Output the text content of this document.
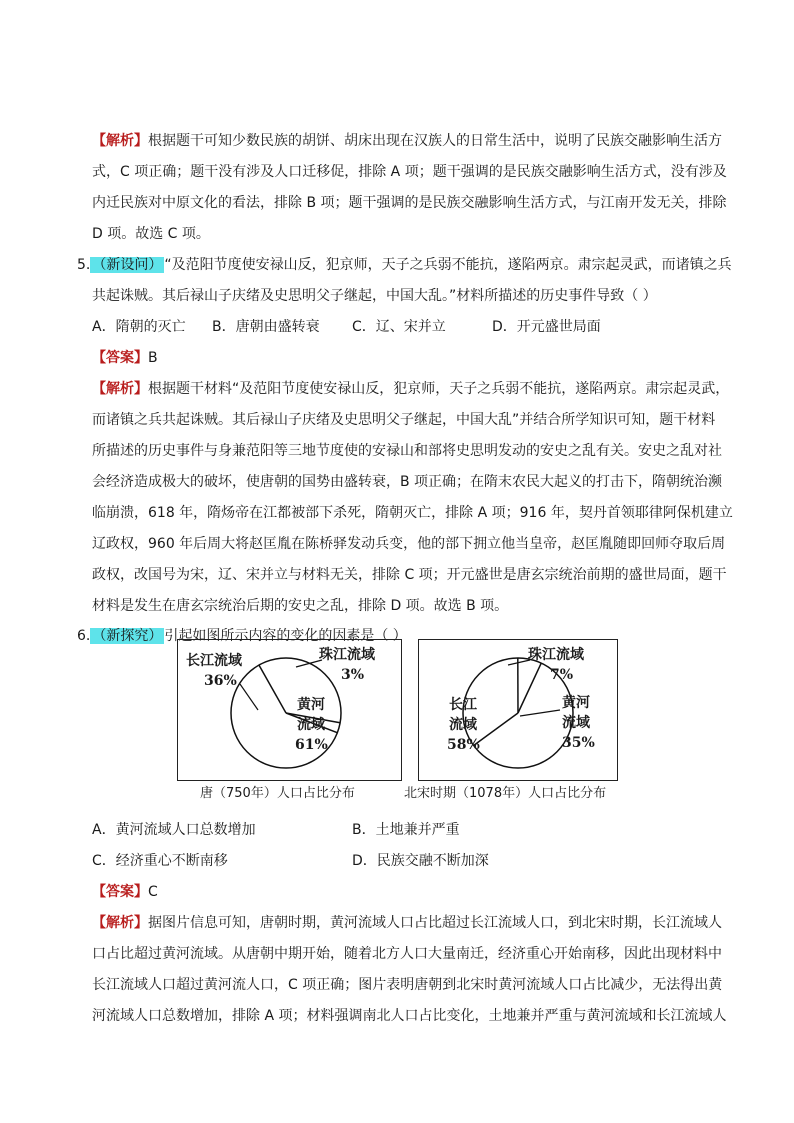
【解析】根据题干可知少数民族的胡饼、胡床出现在汉族人的日常生活中，说明了民族交融影响生活方
式，C 项正确；题干没有涉及人口迁移促，排除 A 项；题干强调的是民族交融影响生活方式，没有涉及
内迁民族对中原文化的看法，排除 B 项；题干强调的是民族交融影响生活方式，与江南开发无关，排除
D 项。故选 C 项。
5. （新设问） “及范阳节度使安禄山反，犯京师，天子之兵弱不能抗，遂陷两京。肃宗起灵武，而诸镇之兵
共起诛贼。其后禄山子庆绪及史思明父子继起，中国大乱。”材料所描述的历史事件导致（ ）
A．隋朝的灭亡 B．唐朝由盛转衰 C．辽、宋并立	D．开元盛世局面
【答案】B
【解析】根据题干材料“及范阳节度使安禄山反，犯京师，天子之兵弱不能抗，遂陷两京。肃宗起灵武，
而诸镇之兵共起诛贼。其后禄山子庆绪及史思明父子继起，中国大乱”并结合所学知识可知，题干材料
所描述的历史事件与身兼范阳等三地节度使的安禄山和部将史思明发动的安史之乱有关。安史之乱对社
会经济造成极大的破坏，使唐朝的国势由盛转衰，B 项正确；在隋末农民大起义的打击下，隋朝统治濒
临崩溃，618 年，隋炀帝在江都被部下杀死，隋朝灭亡，排除 A 项；916 年，契丹首领耶律阿保机建立
辽政权，960 年后周大将赵匡胤在陈桥驿发动兵变，他的部下拥立他当皇帝，赵匡胤随即回师夺取后周
政权，改国号为宋，辽、宋并立与材料无关，排除 C 项；开元盛世是唐玄宗统治前期的盛世局面，题干
材料是发生在唐玄宗统治后期的安史之乱，排除 D 项。故选 B 项。
6. （新探究） 引起如图所示内容的变化的因素是（ ）
长江流域
36%
珠江流域
3%
黄河
流域
61%
珠江流域
7%
黄河
流域
35%
长江
流域
58%
唐（750年）人口占比分布	北宋时期（1078年）人口占比分布
A．黄河流域人口总数增加	B．土地兼并严重
C．经济重心不断南移	D．民族交融不断加深
【答案】C
【解析】据图片信息可知，唐朝时期，黄河流域人口占比超过长江流域人口，到北宋时期，长江流域人
口占比超过黄河流域。从唐朝中期开始，随着北方人口大量南迁，经济重心开始南移，因此出现材料中
长江流域人口超过黄河流人口，C 项正确；图片表明唐朝到北宋时黄河流域人口占比减少，无法得出黄
河流域人口总数增加，排除 A 项；材料强调南北人口占比变化，土地兼并严重与黄河流域和长江流域人
